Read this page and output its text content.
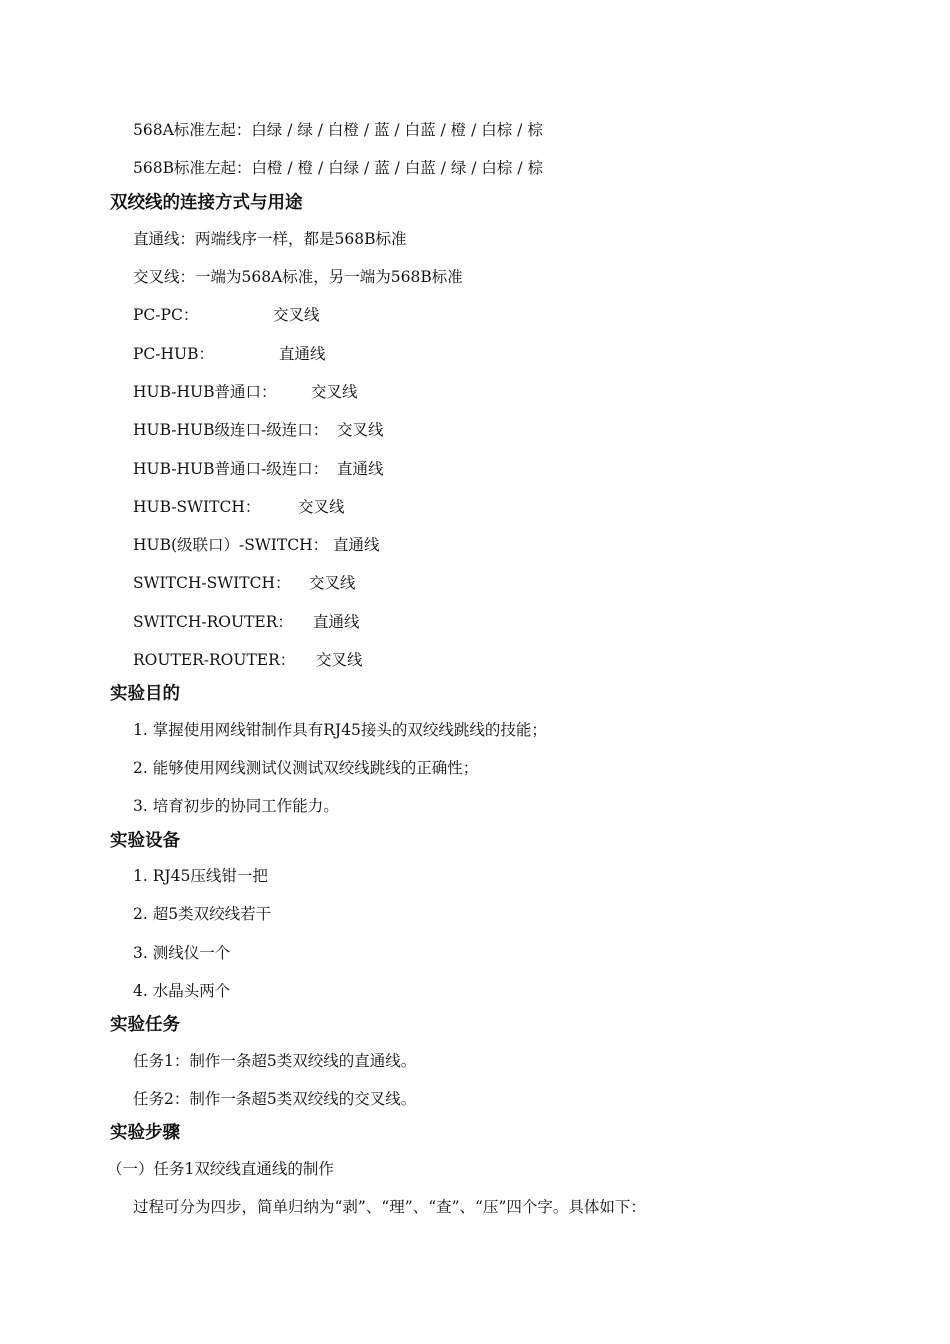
568A标准左起：白绿 / 绿 / 白橙 / 蓝 / 白蓝 / 橙 / 白棕 / 棕
568B标准左起：白橙 / 橙 / 白绿 / 蓝 / 白蓝 / 绿 / 白棕 / 棕
双绞线的连接方式与用途
直通线：两端线序一样，都是568B标准
交叉线：一端为568A标准，另一端为568B标准
PC-PC：	交叉线
PC-HUB：	直通线
HUB-HUB普通口： 交叉线
HUB-HUB级连口-级连口： 交叉线
HUB-HUB普通口-级连口： 直通线
HUB-SWITCH： 交叉线
HUB(级联口）-SWITCH： 直通线
SWITCH-SWITCH： 交叉线
SWITCH-ROUTER： 直通线
ROUTER-ROUTER： 交叉线
实验目的
1. 掌握使用网线钳制作具有RJ45接头的双绞线跳线的技能；
2. 能够使用网线测试仪测试双绞线跳线的正确性；
3. 培育初步的协同工作能力。
实验设备
1. RJ45压线钳一把
2. 超5类双绞线若干
3. 测线仪一个
4. 水晶头两个
实验任务
任务1：制作一条超5类双绞线的直通线。
任务2：制作一条超5类双绞线的交叉线。
实验步骤
（一）任务1双绞线直通线的制作
过程可分为四步，简单归纳为“剥”、“理”、“查”、“压”四个字。具体如下：
